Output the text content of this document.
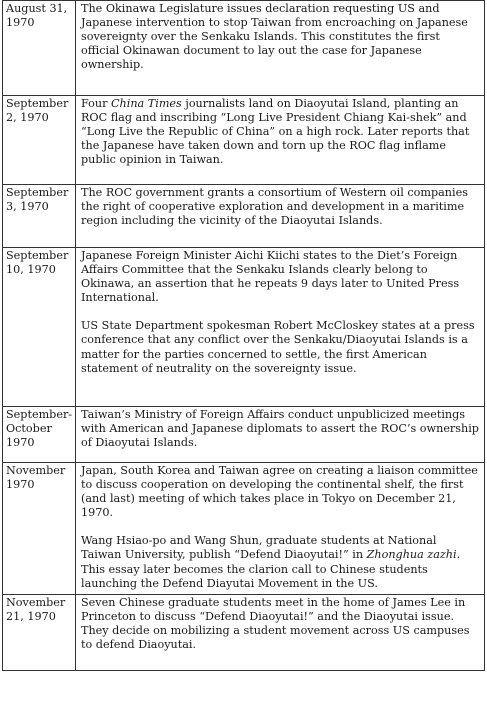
August 31, 1970	The Okinawa Legislature issues declaration requesting US and Japanese intervention to stop Taiwan from encroaching on Japanese sovereignty over the Senkaku Islands. This constitutes the first official Okinawan document to lay out the case for Japanese ownership.

September 2, 1970	Four China Times journalists land on Diaoyutai Island, planting an ROC flag and inscribing “Long Live President Chiang Kai-shek” and “Long Live the Republic of China” on a high rock. Later reports that the Japanese have taken down and torn up the ROC flag inflame public opinion in Taiwan.

September 3, 1970	The ROC government grants a consortium of Western oil companies the right of cooperative exploration and development in a maritime region including the vicinity of the Diaoyutai Islands.

September 10, 1970	Japanese Foreign Minister Aichi Kiichi states to the Diet’s Foreign Affairs Committee that the Senkaku Islands clearly belong to Okinawa, an assertion that he repeats 9 days later to United Press International.

US State Department spokesman Robert McCloskey states at a press conference that any conflict over the Senkaku/Diaoyutai Islands is a matter for the parties concerned to settle, the first American statement of neutrality on the sovereignty issue.

September-October 1970	Taiwan’s Ministry of Foreign Affairs conduct unpublicized meetings with American and Japanese diplomats to assert the ROC’s ownership of Diaoyutai Islands.

November 1970	Japan, South Korea and Taiwan agree on creating a liaison committee to discuss cooperation on developing the continental shelf, the first (and last) meeting of which takes place in Tokyo on December 21, 1970.

Wang Hsiao-po and Wang Shun, graduate students at National Taiwan University, publish “Defend Diaoyutai!” in Zhonghua zazhi. This essay later becomes the clarion call to Chinese students launching the Defend Diayutai Movement in the US.

November 21, 1970	Seven Chinese graduate students meet in the home of James Lee in Princeton to discuss “Defend Diaoyutai!” and the Diaoyutai issue. They decide on mobilizing a student movement across US campuses to defend Diaoyutai.
